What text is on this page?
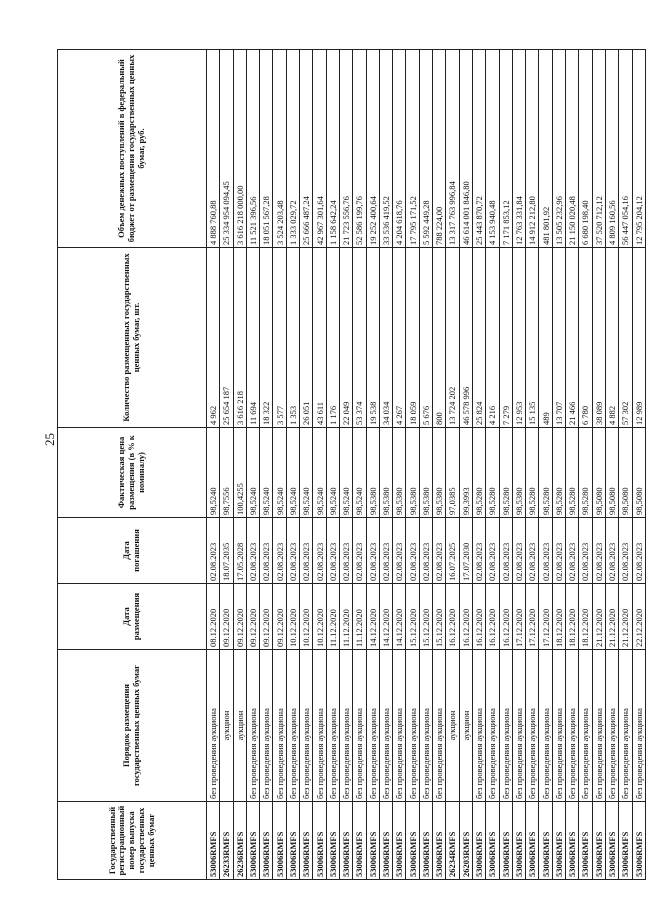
25
Государственный регистрационный номер выпуска государственных ценных бумаг	Порядок размещения государственных ценных бумаг	Дата размещения	Дата погашения	Фактическая цена размещения (в % к номиналу)	Количество размещенных государственных ценных бумаг, шт.	Объем денежных поступлений в федеральный бюджет от размещения государственных ценных бумаг, руб.
53006RMFS	без проведения аукциона	08.12.2020	02.08.2023	98,5240	4 962	4 888 760,88
26233RMFS	аукцион	09.12.2020	18.07.2035	98,7556	25 654 187	25 334 954 094,45
26236RMFS	аукцион	09.12.2020	17.05.2028	100,4255	3 616 218	3 616 218 000,00
53006RMFS	без проведения аукциона	09.12.2020	02.08.2023	98,5240	11 694	11 521 396,56
53006RMFS	без проведения аукциона	09.12.2020	02.08.2023	98,5240	18 322	18 051 567,28
53006RMFS	без проведения аукциона	09.12.2020	02.08.2023	98,5240	3 577	3 524 203,48
53006RMFS	без проведения аукциона	10.12.2020	02.08.2023	98,5240	1 353	1 333 029,72
53006RMFS	без проведения аукциона	10.12.2020	02.08.2023	98,5240	26 051	25 666 487,24
53006RMFS	без проведения аукциона	10.12.2020	02.08.2023	98,5240	43 611	42 967 301,64
53006RMFS	без проведения аукциона	11.12.2020	02.08.2023	98,5240	1 176	1 158 642,24
53006RMFS	без проведения аукциона	11.12.2020	02.08.2023	98,5240	22 049	21 723 556,76
53006RMFS	без проведения аукциона	11.12.2020	02.08.2023	98,5240	53 374	52 586 199,76
53006RMFS	без проведения аукциона	14.12.2020	02.08.2023	98,5380	19 538	19 252 400,64
53006RMFS	без проведения аукциона	14.12.2020	02.08.2023	98,5380	34 034	33 536 419,52
53006RMFS	без проведения аукциона	14.12.2020	02.08.2023	98,5380	4 267	4 204 618,76
53006RMFS	без проведения аукциона	15.12.2020	02.08.2023	98,5380	18 059	17 795 171,52
53006RMFS	без проведения аукциона	15.12.2020	02.08.2023	98,5380	5 676	5 592 449,28
53006RMFS	без проведения аукциона	15.12.2020	02.08.2023	98,5380	800	788 224,00
26234RMFS	аукцион	16.12.2020	16.07.2025	97,0385	13 724 202	13 317 763 996,84
26203RMFS	аукцион	16.12.2020	17.07.2030	99,3993	46 578 996	46 614 001 846,80
53006RMFS	без проведения аукциона	16.12.2020	02.08.2023	98,5280	25 824	25 443 870,72
53006RMFS	без проведения аукциона	16.12.2020	02.08.2023	98,5280	4 216	4 153 940,48
53006RMFS	без проведения аукциона	16.12.2020	02.08.2023	98,5280	7 279	7 171 853,12
53006RMFS	без проведения аукциона	17.12.2020	02.08.2023	98,5380	12 953	12 763 331,84
53006RMFS	без проведения аукциона	17.12.2020	02.08.2023	98,5280	15 135	14 912 212,80
53006RMFS	без проведения аукциона	17.12.2020	02.08.2023	98,5280	489	481 801,92
53006RMFS	без проведения аукциона	18.12.2020	02.08.2023	98,5280	13 707	13 505 232,96
53006RMFS	без проведения аукциона	18.12.2020	02.08.2023	98,5280	21 466	21 150 020,48
53006RMFS	без проведения аукциона	18.12.2020	02.08.2023	98,5280	6 780	6 680 198,40
53006RMFS	без проведения аукциона	21.12.2020	02.08.2023	98,5080	38 089	37 520 712,12
53006RMFS	без проведения аукциона	21.12.2020	02.08.2023	98,5080	4 882	4 809 160,56
53006RMFS	без проведения аукциона	21.12.2020	02.08.2023	98,5080	57 302	56 447 054,16
53006RMFS	без проведения аукциона	22.12.2020	02.08.2023	98,5080	12 989	12 795 204,12
